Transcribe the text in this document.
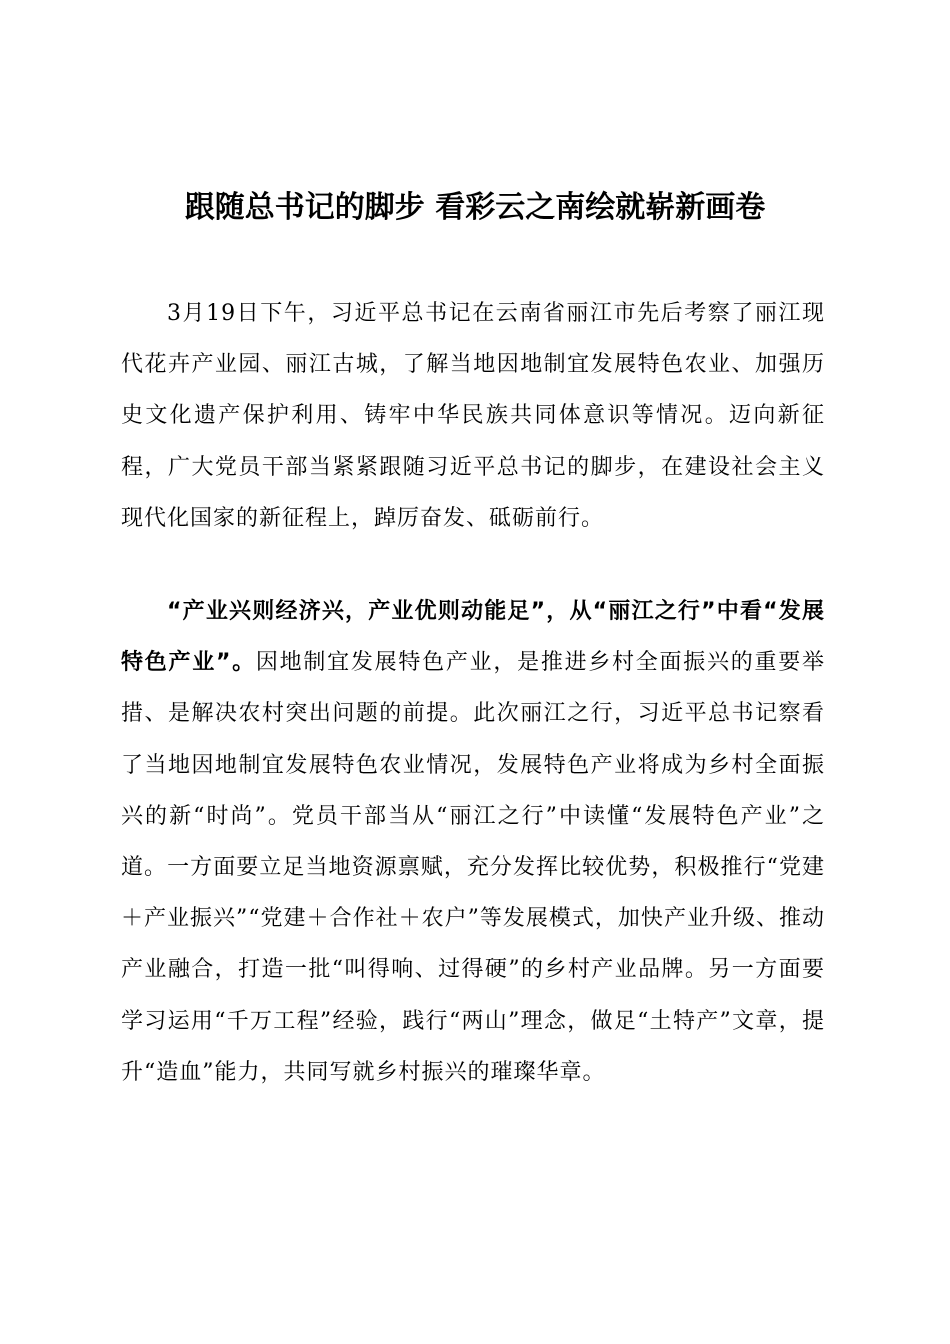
跟随总书记的脚步 看彩云之南绘就崭新画卷

3月19日下午，习近平总书记在云南省丽江市先后考察了丽江现代花卉产业园、丽江古城，了解当地因地制宜发展特色农业、加强历史文化遗产保护利用、铸牢中华民族共同体意识等情况。迈向新征程，广大党员干部当紧紧跟随习近平总书记的脚步，在建设社会主义现代化国家的新征程上，踔厉奋发、砥砺前行。

“产业兴则经济兴，产业优则动能足”，从“丽江之行”中看“发展特色产业”。因地制宜发展特色产业，是推进乡村全面振兴的重要举措、是解决农村突出问题的前提。此次丽江之行，习近平总书记察看了当地因地制宜发展特色农业情况，发展特色产业将成为乡村全面振兴的新“时尚”。党员干部当从“丽江之行”中读懂“发展特色产业”之道。一方面要立足当地资源禀赋，充分发挥比较优势，积极推行“党建＋产业振兴”“党建＋合作社＋农户”等发展模式，加快产业升级、推动产业融合，打造一批“叫得响、过得硬”的乡村产业品牌。另一方面要学习运用“千万工程”经验，践行“两山”理念，做足“土特产”文章，提升“造血”能力，共同写就乡村振兴的璀璨华章。
